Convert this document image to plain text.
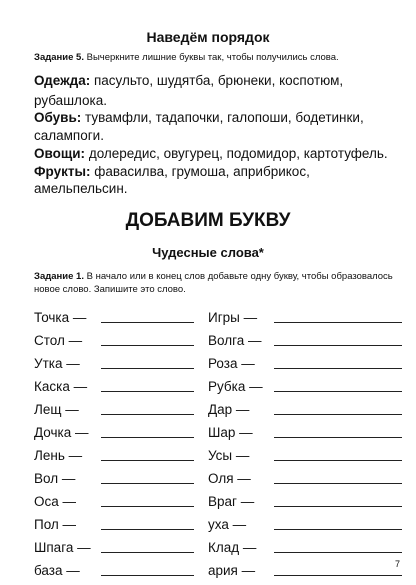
Наведём порядок
Задание 5. Вычеркните лишние буквы так, чтобы получились слова.
Одежда: пасульто, шудятба, брюнеки, коспотюм,
рубашлока.
Обувь: тувамфли, тадапочки, галопоши, бодетинки,
салампоги.
Овощи: долередис, овугурец, подомидор, картотуфель.
Фрукты: фавасилва, грумоша, априбрикос, амельпельсин.
ДОБАВИМ БУКВУ
Чудесные слова*
Задание 1. В начало или в конец слов добавьте одну букву, чтобы образовалось
новое слово. Запишите это слово.
Точка —
Стол —
Утка —
Каска —
Лещ —
Дочка —
Лень —
Вол —
Оса —
Пол —
Шпага —
база —
Игры —
Волга —
Роза —
Рубка —
Дар —
Шар —
Усы —
Оля —
Враг —
уха —
Клад —
ария —	7
